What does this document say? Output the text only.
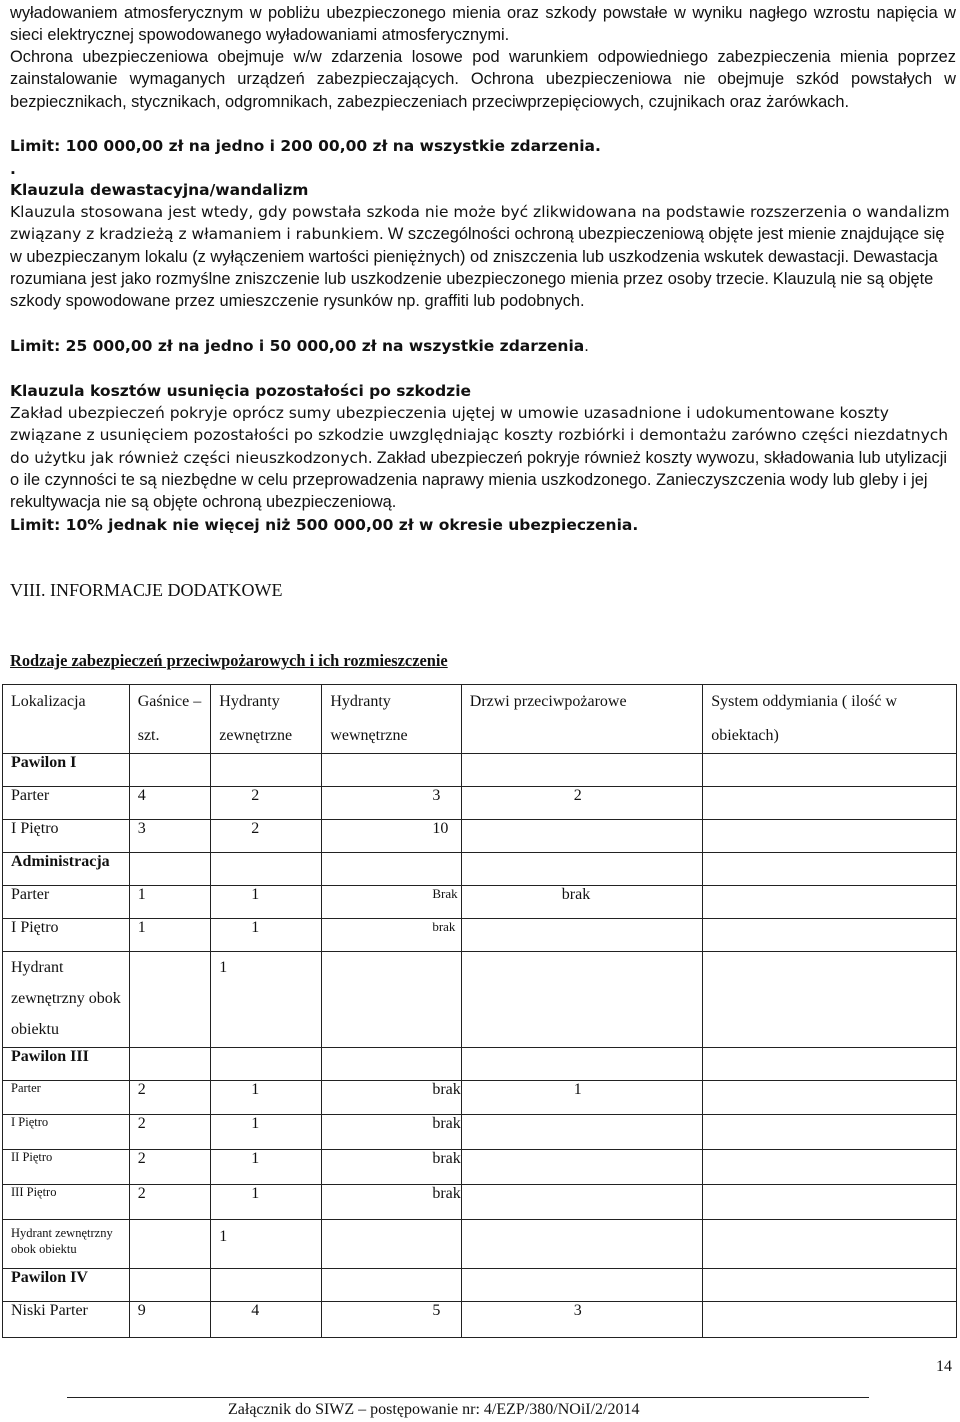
wyładowaniem atmosferycznym w pobliżu ubezpieczonego mienia oraz szkody powstałe w wyniku nagłego wzrostu napięcia w sieci elektrycznej spowodowanego wyładowaniami atmosferycznymi.
Ochrona ubezpieczeniowa obejmuje w/w zdarzenia losowe pod warunkiem odpowiedniego zabezpieczenia mienia poprzez zainstalowanie wymaganych urządzeń zabezpieczających. Ochrona ubezpieczeniowa nie obejmuje szkód powstałych w bezpiecznikach, stycznikach, odgromnikach, zabezpieczeniach przeciwprzepięciowych, czujnikach oraz żarówkach.
Limit: 100 000,00 zł na jedno i 200 00,00 zł na wszystkie zdarzenia.
.
Klauzula dewastacyjna/wandalizm
Klauzula stosowana jest wtedy, gdy powstała szkoda nie może być zlikwidowana na podstawie rozszerzenia o wandalizm związany z kradzieżą z włamaniem i rabunkiem. W szczególności ochroną ubezpieczeniową objęte jest mienie znajdujące się w ubezpieczanym lokalu (z wyłączeniem wartości pieniężnych) od zniszczenia lub uszkodzenia wskutek dewastacji. Dewastacja rozumiana jest jako rozmyślne zniszczenie lub uszkodzenie ubezpieczonego mienia przez osoby trzecie. Klauzulą nie są objęte szkody spowodowane przez umieszczenie rysunków np. graffiti lub podobnych.
Limit: 25 000,00 zł na jedno i 50 000,00 zł na wszystkie zdarzenia.
Klauzula kosztów usunięcia pozostałości po szkodzie
Zakład ubezpieczeń pokryje oprócz sumy ubezpieczenia ujętej w umowie uzasadnione i udokumentowane koszty związane z usunięciem pozostałości po szkodzie uwzględniając koszty rozbiórki i demontażu zarówno części niezdatnych do użytku jak również części nieuszkodzonych. Zakład ubezpieczeń pokryje również koszty wywozu, składowania lub utylizacji o ile czynności te są niezbędne w celu przeprowadzenia naprawy mienia uszkodzonego. Zanieczyszczenia wody lub gleby i jej rekultywacja nie są objęte ochroną ubezpieczeniową.
Limit: 10% jednak nie więcej niż 500 000,00 zł w okresie ubezpieczenia.
VIII. INFORMACJE DODATKOWE
Rodzaje zabezpieczeń przeciwpożarowych i ich rozmieszczenie
Lokalizacja	Gaśnice – szt.	Hydranty zewnętrzne	Hydranty wewnętrzne	Drzwi przeciwpożarowe	System oddymiania ( ilość w obiektach)
Pawilon I					
Parter	4	2	3	2	
I Piętro	3	2	10		
Administracja					
Parter	1	1	Brak	brak	
I Piętro	1	1	brak		
Hydrant zewnętrzny obok obiektu		1			
Pawilon III					
Parter	2	1	brak	1	
I Piętro	2	1	brak		
II Piętro	2	1	brak		
III Piętro	2	1	brak		
Hydrant zewnętrzny obok obiektu		1			
Pawilon IV					
Niski Parter	9	4	5	3	
14
Załącznik do SIWZ – postępowanie nr: 4/EZP/380/NOiI/2/2014
